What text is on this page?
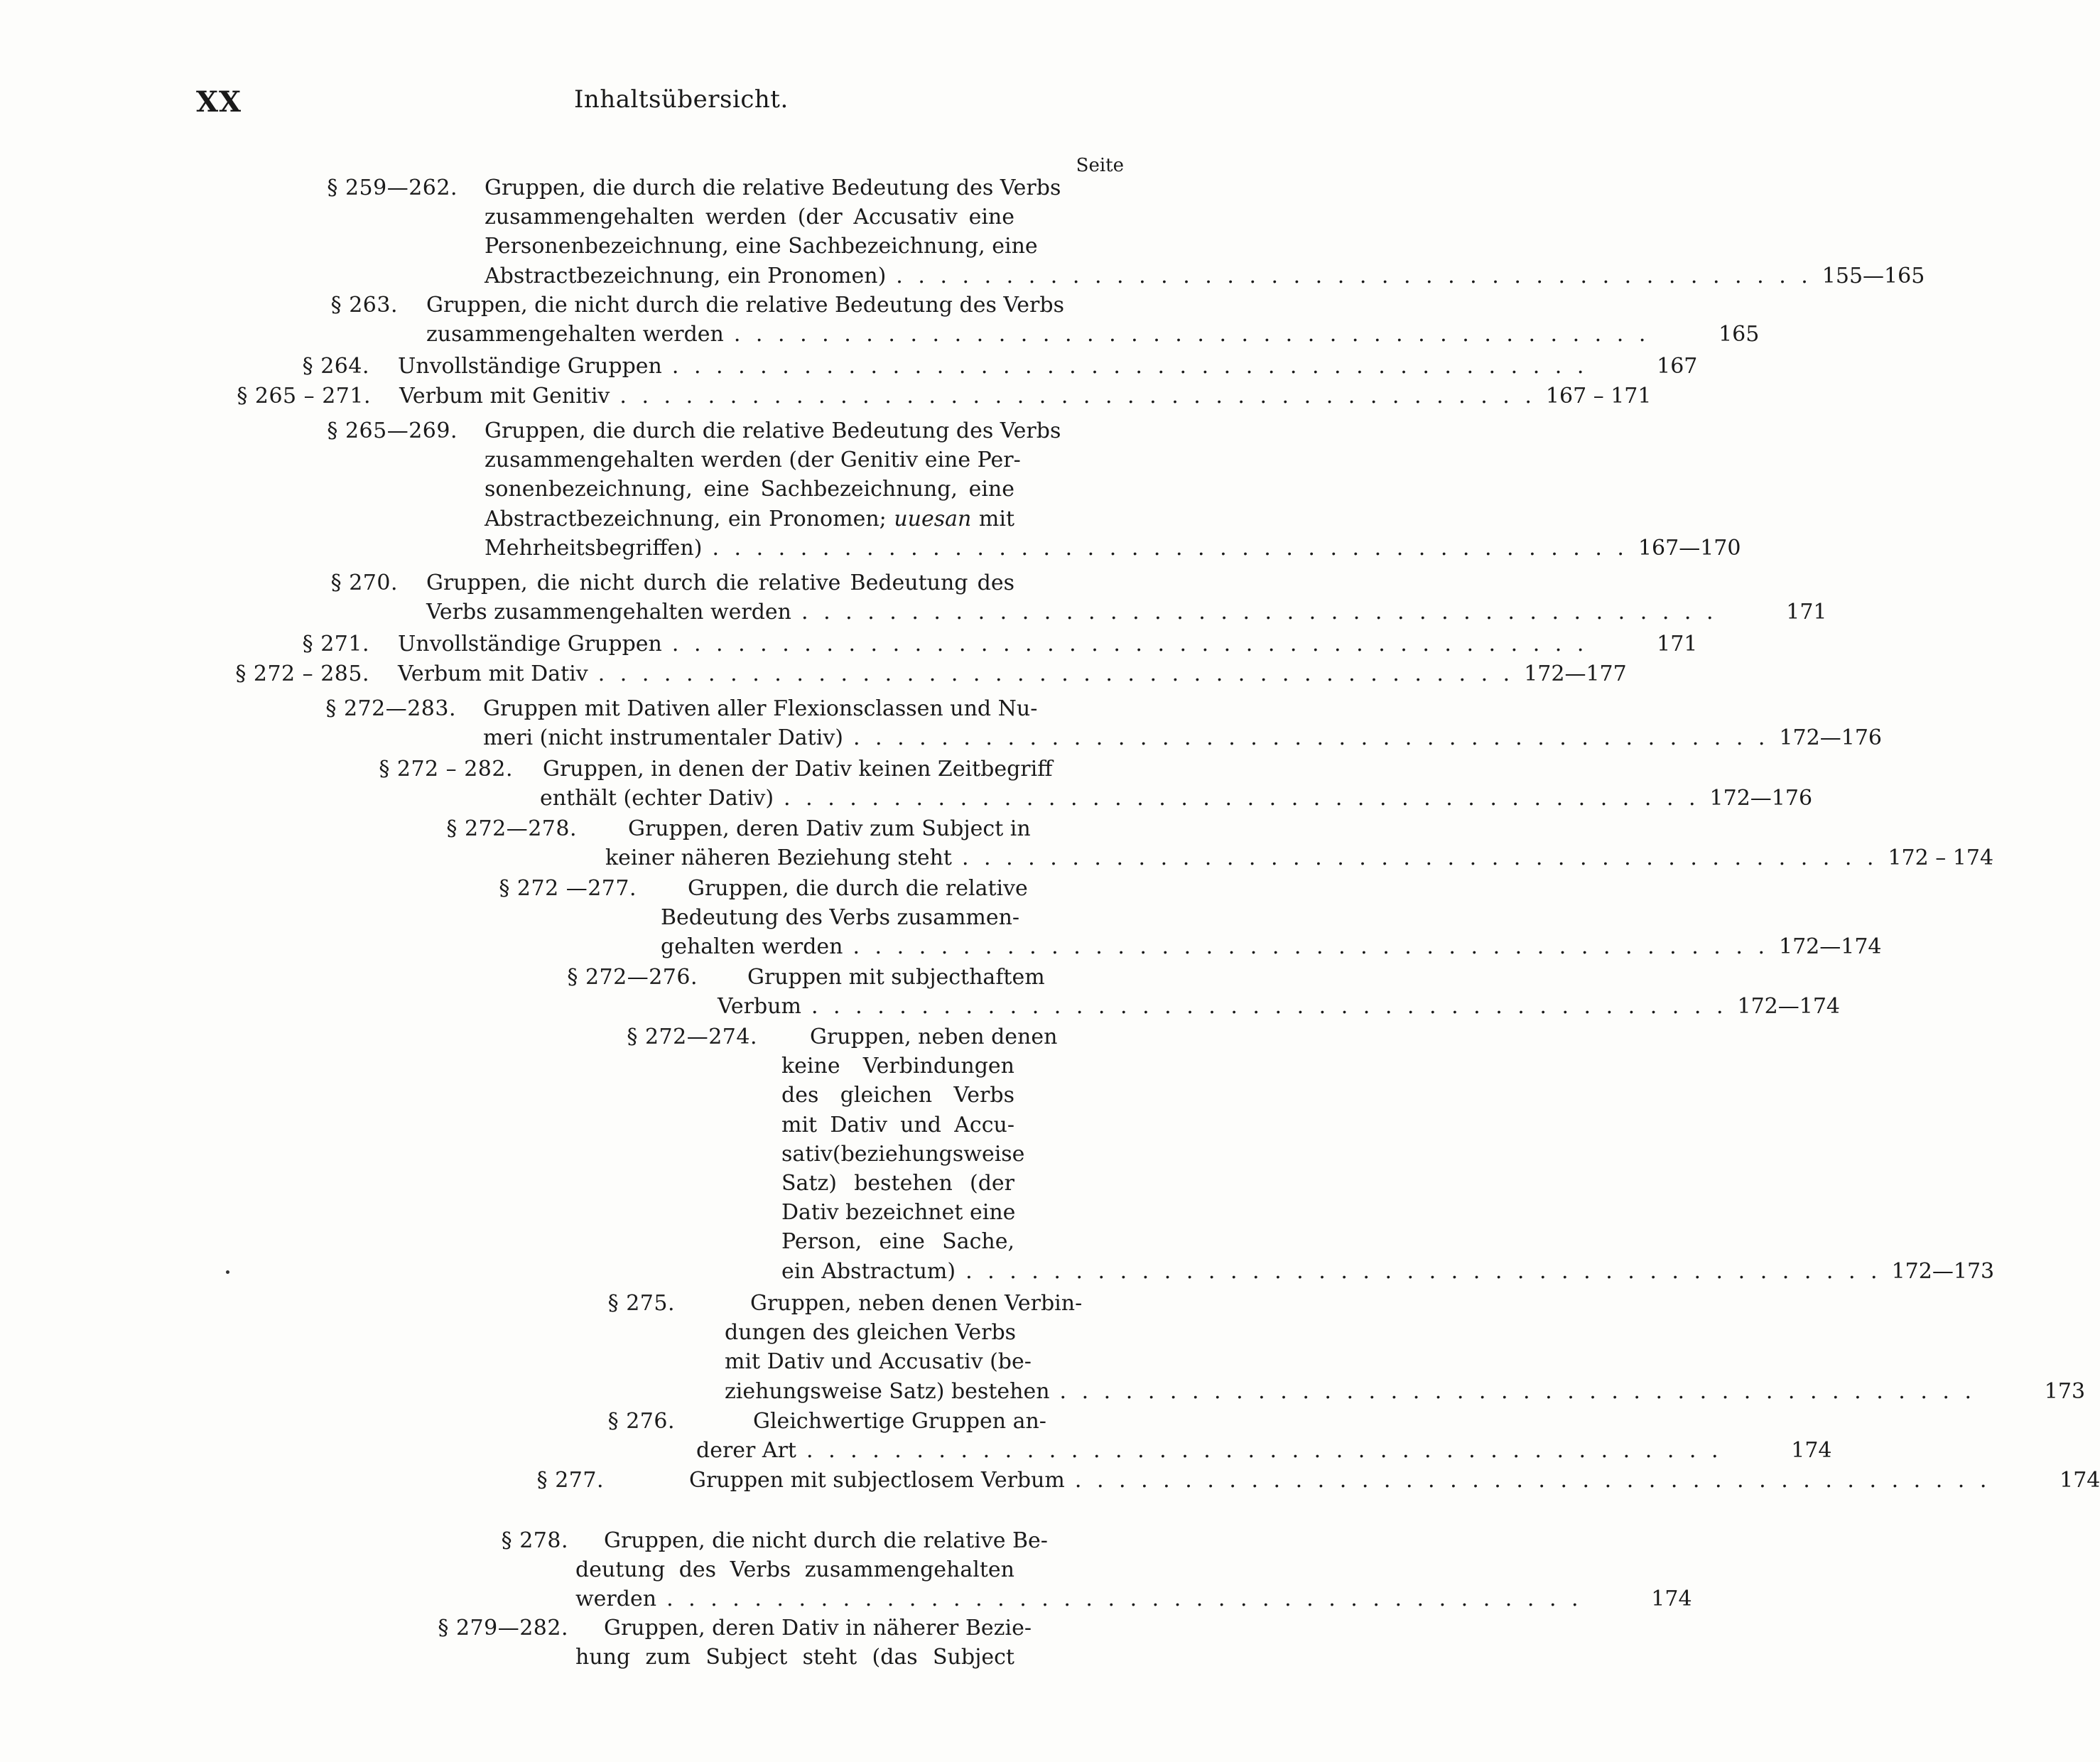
XX	Inhaltsübersicht.
Seite
§ 259—262. Gruppen, die durch die relative Bedeutung des Verbs
zusammengehalten werden (der Accusativ eine
Personenbezeichnung, eine Sachbezeichnung, eine
Abstractbezeichnung, ein Pronomen) . . .	155—165
§ 263. Gruppen, die nicht durch die relative Bedeutung des Verbs
zusammengehalten werden . . .	165
§ 264. Unvollständige Gruppen . . .	167
§ 265 – 271. Verbum mit Genitiv . . .	167 – 171
§ 265—269. Gruppen, die durch die relative Bedeutung des Verbs
zusammengehalten werden (der Genitiv eine Per-
sonenbezeichnung, eine Sachbezeichnung, eine
Abstractbezeichnung, ein Pronomen; uuesan mit
Mehrheitsbegriffen) . . .	167—170
§ 270. Gruppen, die nicht durch die relative Bedeutung des
Verbs zusammengehalten werden . . .	171
§ 271. Unvollständige Gruppen . . .	171
§ 272 – 285. Verbum mit Dativ . . .	172—177
§ 272—283. Gruppen mit Dativen aller Flexionsclassen und Nu-
meri (nicht instrumentaler Dativ) . . .	172—176
§ 272 – 282. Gruppen, in denen der Dativ keinen Zeitbegriff
enthält (echter Dativ) . . .	172—176
§ 272—278. Gruppen, deren Dativ zum Subject in
keiner näheren Beziehung steht . . .	172 – 174
§ 272 —277. Gruppen, die durch die relative
Bedeutung des Verbs zusammen-
gehalten werden . . .	172—174
§ 272—276. Gruppen mit subjecthaftem
Verbum . . .	172—174
§ 272—274. Gruppen, neben denen
keine Verbindungen
des gleichen Verbs
mit Dativ und Accu-
sativ(beziehungsweise
Satz) bestehen (der
Dativ bezeichnet eine
Person, eine Sache,
ein Abstractum) . . .	172—173
§ 275.	Gruppen, neben denen Verbin-
dungen des gleichen Verbs
mit Dativ und Accusativ (be-
ziehungsweise Satz) bestehen . . .	173
§ 276.	Gleichwertige Gruppen an-
derer Art . . .	174
§ 277.	Gruppen mit subjectlosem Verbum . . .	174
§ 278. Gruppen, die nicht durch die relative Be-
deutung des Verbs zusammengehalten
werden . . .	174
§ 279—282. Gruppen, deren Dativ in näherer Bezie-
hung zum Subject steht (das Subject
